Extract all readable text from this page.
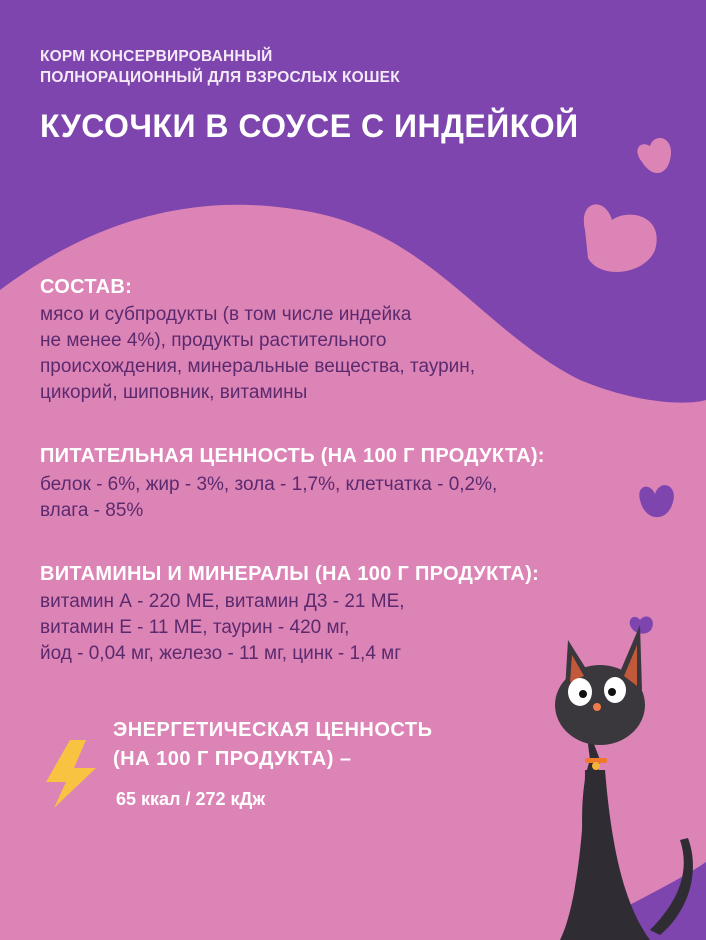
КОРМ КОНСЕРВИРОВАННЫЙ
ПОЛНОРАЦИОННЫЙ ДЛЯ ВЗРОСЛЫХ КОШЕК

КУСОЧКИ В СОУСЕ С ИНДЕЙКОЙ
СОСТАВ:
мясо и субпродукты (в том числе индейка
не менее 4%), продукты растительного
происхождения, минеральные вещества, таурин,
цикорий, шиповник, витамины
ПИТАТЕЛЬНАЯ ЦЕННОСТЬ (НА 100 Г ПРОДУКТА):
белок - 6%, жир - 3%, зола - 1,7%, клетчатка - 0,2%,
влага - 85%
ВИТАМИНЫ И МИНЕРАЛЫ (НА 100 Г ПРОДУКТА):
витамин А - 220 МЕ, витамин Д3 - 21 МЕ,
витамин Е - 11 МЕ, таурин - 420 мг,
йод - 0,04 мг, железо - 11 мг, цинк - 1,4 мг
ЭНЕРГЕТИЧЕСКАЯ ЦЕННОСТЬ
(НА 100 Г ПРОДУКТА) –
65 ккал / 272 кДж
